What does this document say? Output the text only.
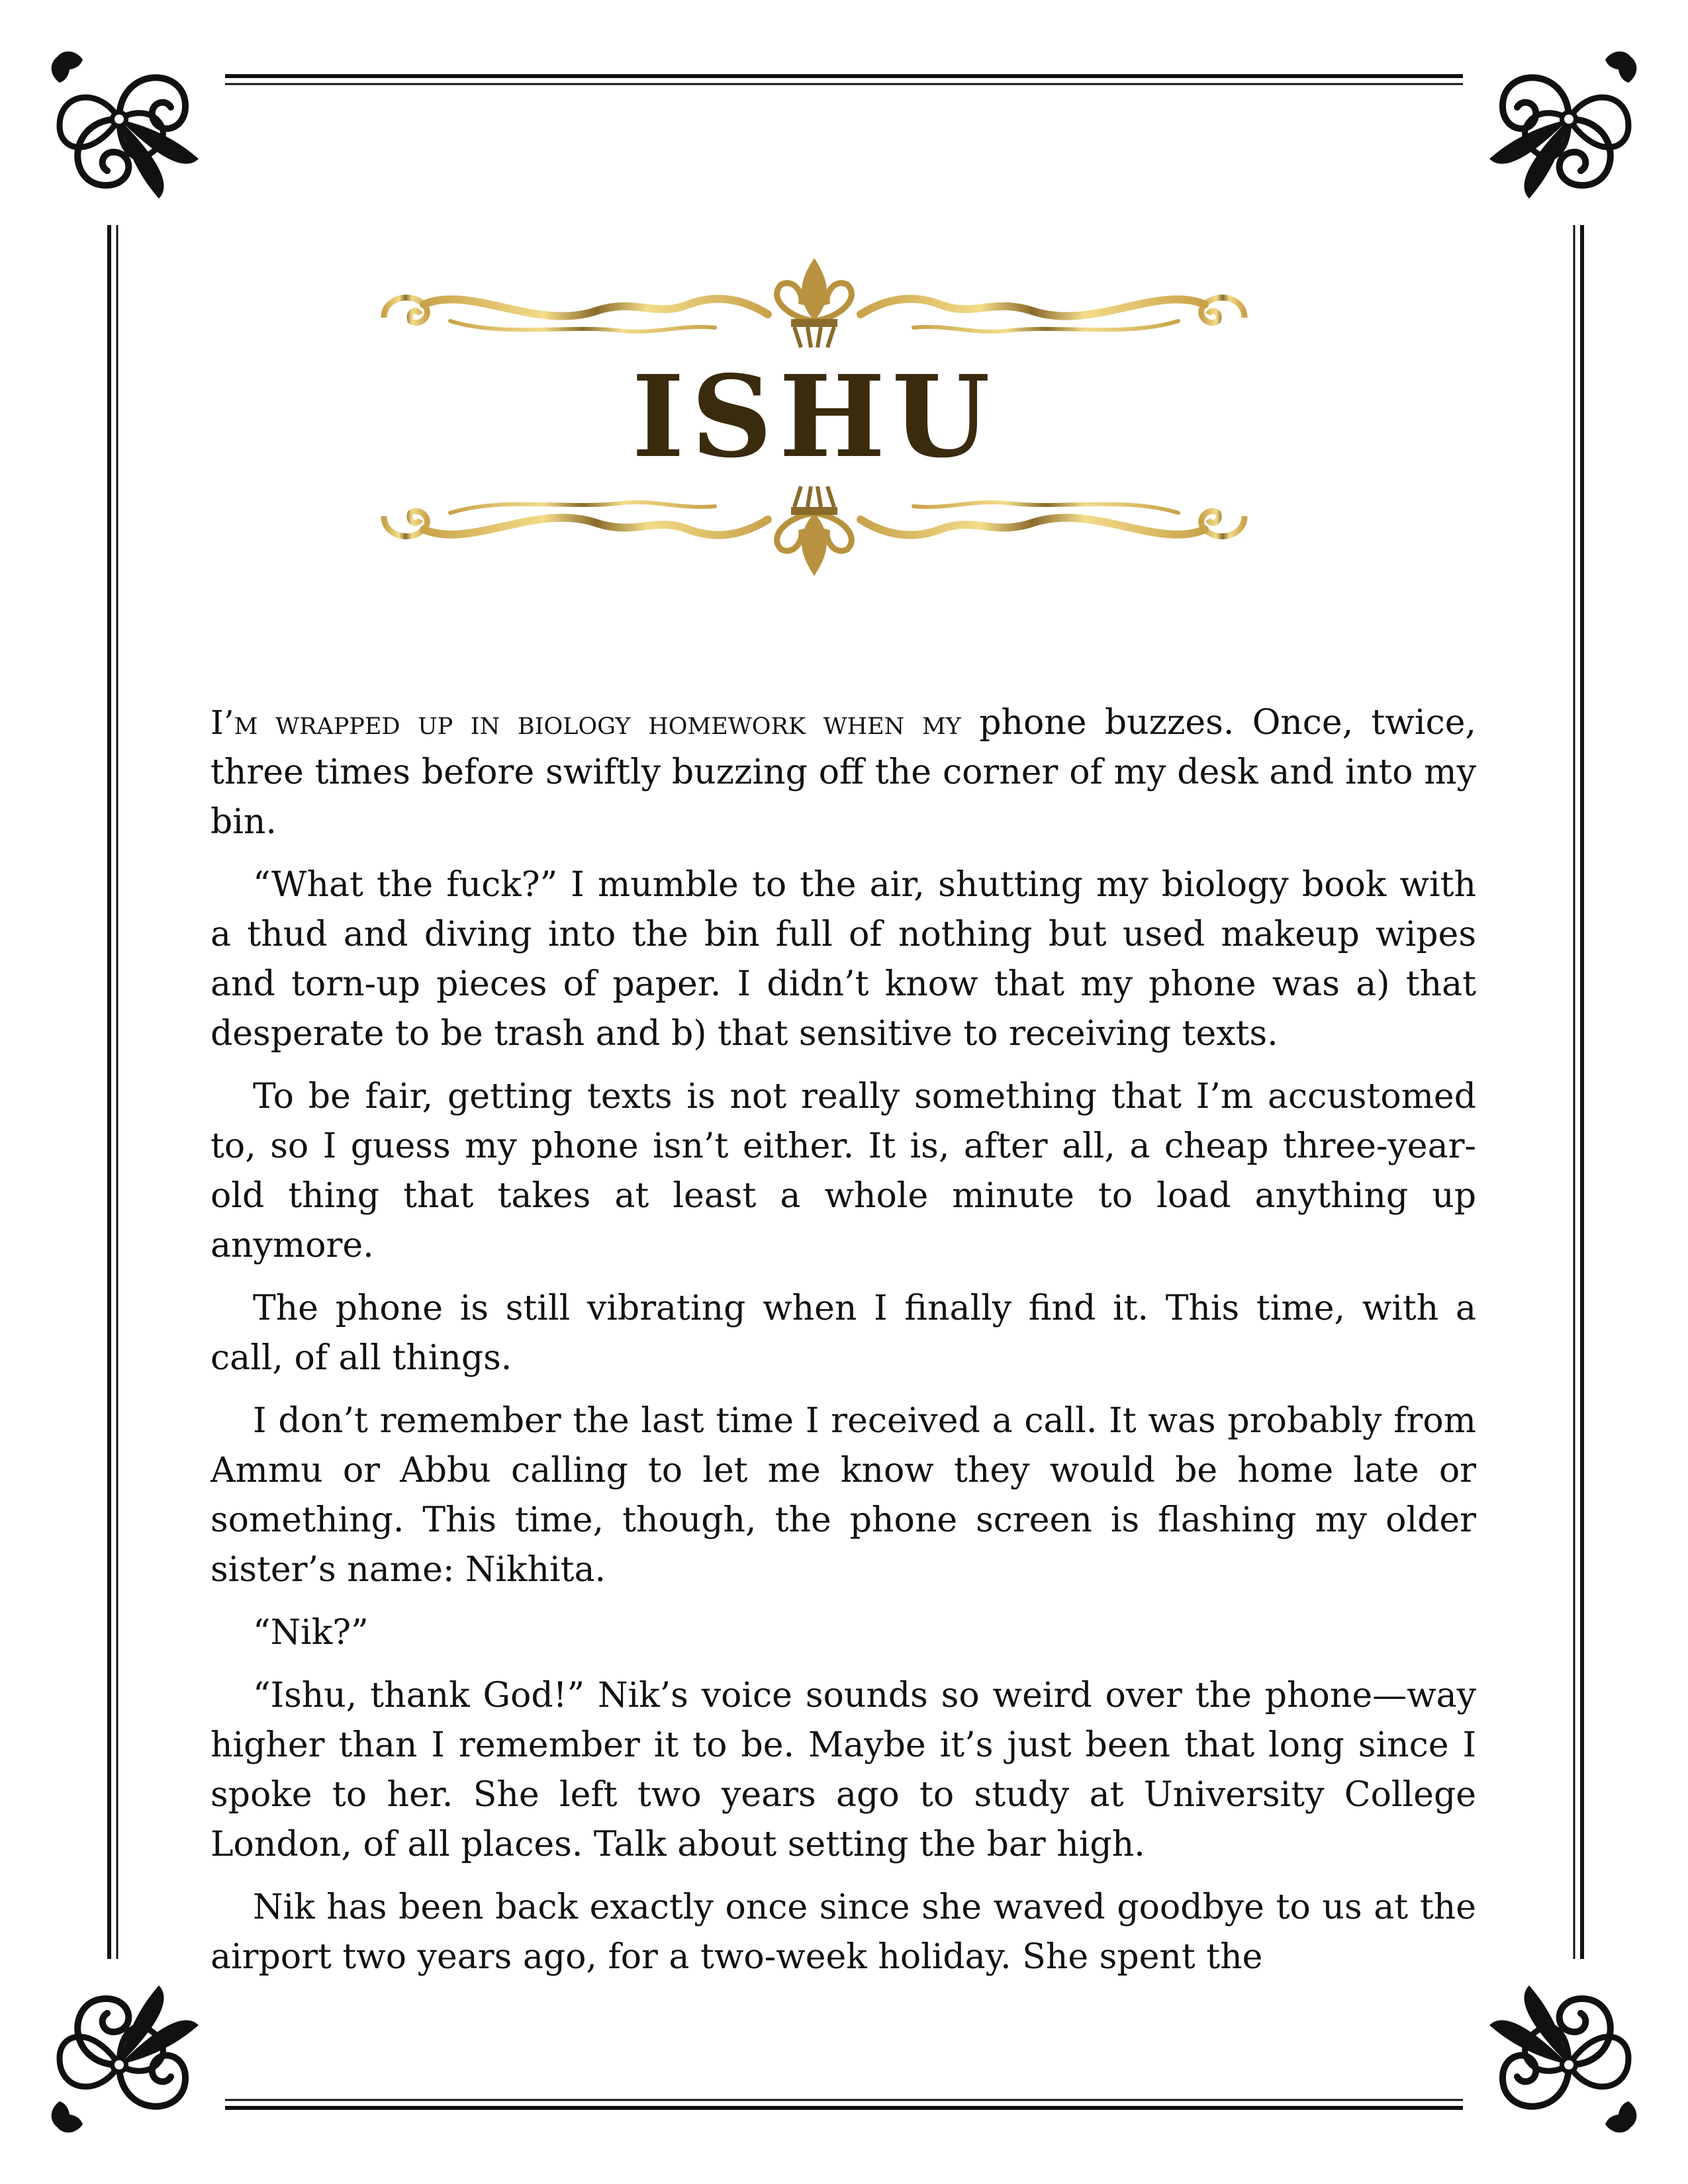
ISHU

I’m wrapped up in biology homework when my phone buzzes. Once, twice, three times before swiftly buzzing off the corner of my desk and into my bin.

“What the fuck?” I mumble to the air, shutting my biology book with a thud and diving into the bin full of nothing but used makeup wipes and torn-up pieces of paper. I didn’t know that my phone was a) that desperate to be trash and b) that sensitive to receiving texts.

To be fair, getting texts is not really something that I’m accustomed to, so I guess my phone isn’t either. It is, after all, a cheap three-year-old thing that takes at least a whole minute to load anything up anymore.

The phone is still vibrating when I finally find it. This time, with a call, of all things.

I don’t remember the last time I received a call. It was probably from Ammu or Abbu calling to let me know they would be home late or something. This time, though, the phone screen is flashing my older sister’s name: Nikhita.

“Nik?”

“Ishu, thank God!” Nik’s voice sounds so weird over the phone—way higher than I remember it to be. Maybe it’s just been that long since I spoke to her. She left two years ago to study at University College London, of all places. Talk about setting the bar high.

Nik has been back exactly once since she waved goodbye to us at the airport two years ago, for a two-week holiday. She spent the
